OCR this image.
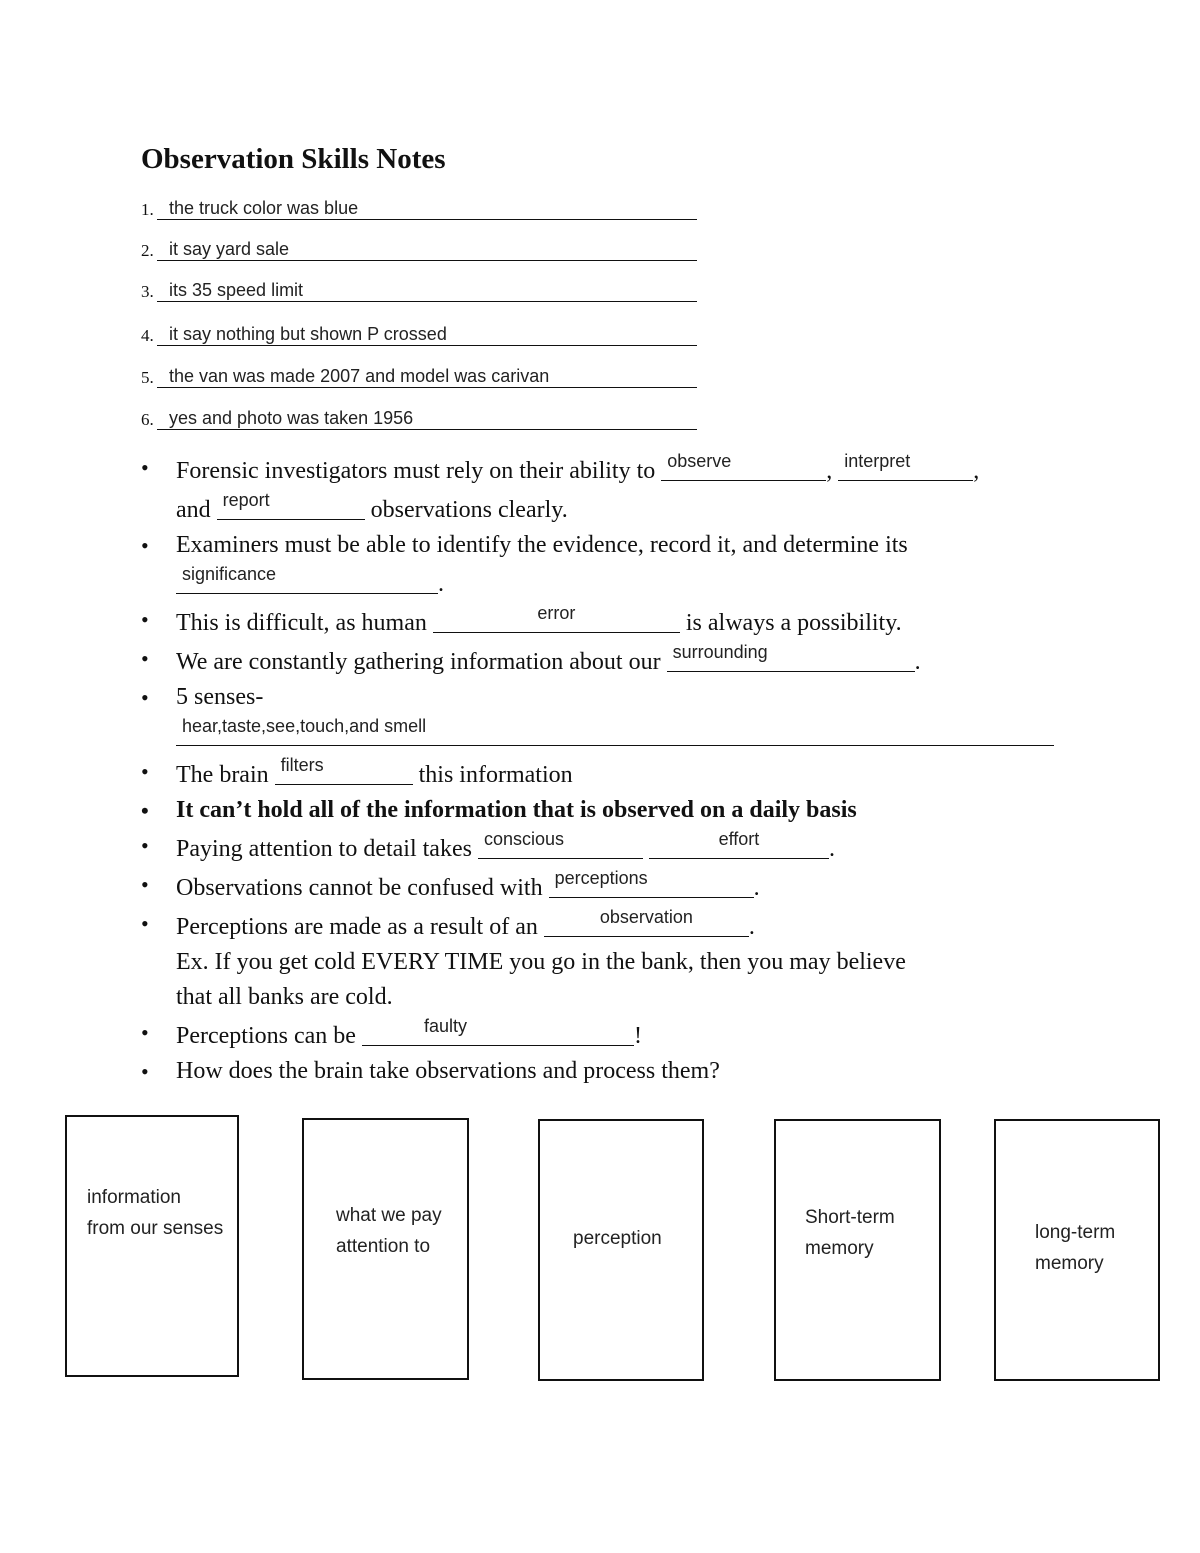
Observation Skills Notes
1. the truck color was blue
2. it say yard sale
3. its 35 speed limit
4. it say nothing but shown P crossed
5. the van was made 2007 and model was carivan
6. yes and photo was taken 1956
• Forensic investigators must rely on their ability to observe	, interpret	,
and report	observations clearly.
• Examiners must be able to identify the evidence, record it, and determine its
significance	.
• This is difficult, as human	error	is always a possibility.
• We are constantly gathering information about our surrounding	.
• 5 senses-
hear,taste,see,touch,and smell
• The brain filters	this information
• It can’t hold all of the information that is observed on a daily basis
• Paying attention to detail takes conscious
	effort	.
• Observations cannot be confused with perceptions	.
• Perceptions are made as a result of an	observation	.
Ex. If you get cold EVERY TIME you go in the bank, then you may believe
that all banks are cold.
• Perceptions can be	faulty	!
• How does the brain take observations and process them?
information
from our senses
what we pay
attention to	perception
Short-term
memory
long-term
memory
